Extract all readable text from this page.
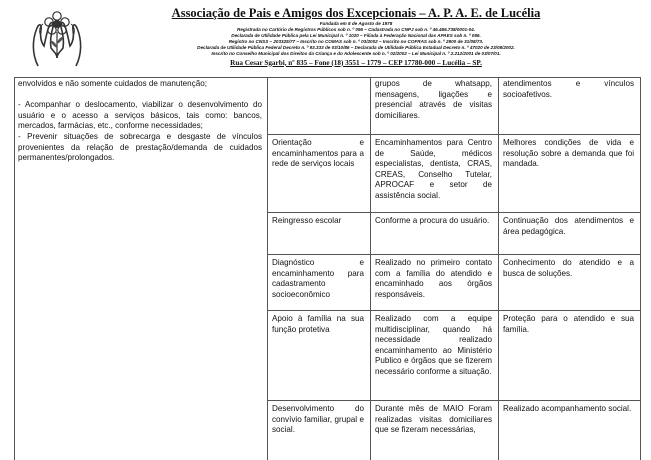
Associação de Pais e Amigos dos Excepcionais – A. P. A. E. de Lucélia
Fundada em 8 de Agosto de 1978
Registrada no Cartório de Registros Públicos sob n. º 096 – Cadastrada no CNPJ sob n. º 46.466.738/0001-04.
Declarada de Utilidade Pública pela Lei Municipal n. º 1020 – Filiada à Federação Nacional das APAES sob n. º 086.
Registro no CNSS – 203325/77 – Inscrito no COMAS sob n. º 03/2002 – Inscrito no COFRAS sob n. º 2900 de 31/08/73.
Declarada de Utilidade Pública Federal Decreto n. º 93.333 de 03/10/86 – Declarada de Utilidade Pública Estadual Decreto n. º 47020 de 23/08/2002.
Inscrito no Conselho Municipal dos Direitos da Criança e do Adolescente sob n. º 02/2002 – Lei Municipal n. º 2.212/2001 de 03/07/01.
Rua Cesar Sgarbi, nº 835 – Fone (18) 3551 – 1779 – CEP 17780-000 – Lucélia – SP.

envolvidos e não somente cuidados de manutenção;

- Acompanhar o deslocamento, viabilizar o desenvolvimento do usuário e o acesso a serviços básicos, tais como: bancos, mercados, farmácias, etc., conforme necessidades;

- Prevenir situações de sobrecarga e desgaste de vínculos provenientes da relação de prestação/demanda de cuidados permanentes/prolongados.

grupos de whatsapp, mensagens, ligações e presencial através de visitas domiciliares.
atendimentos e vínculos socioafetivos.
Orientação e encaminhamentos para a rede de serviços locais
Encaminhamentos para Centro de Saúde, médicos especialistas, dentista, CRAS, CREAS, Conselho Tutelar, APROCAF e setor de assistência social.
Melhores condições de vida e resolução sobre a demanda que foi mandada.
Reingresso escolar	Conforme a procura do usuário.	Continuação dos atendimentos e área pedagógica.
Diagnóstico e encaminhamento para cadastramento socioeconômico
Realizado no primeiro contato com a família do atendido e encaminhado aos órgãos responsáveis.
Conhecimento do atendido e a busca de soluções.
Apoio à família na sua função protetiva
Realizado com a equipe multidisciplinar, quando há necessidade realizado encaminhamento ao Ministério Publico e órgãos que se fizerem necessário conforme a situação.
Proteção para o atendido e sua família.
Desenvolvimento do convívio familiar, grupal e social.
Durante mês de MAIO Foram realizadas visitas domiciliares que se fizeram necessárias,
Realizado acompanhamento social.
